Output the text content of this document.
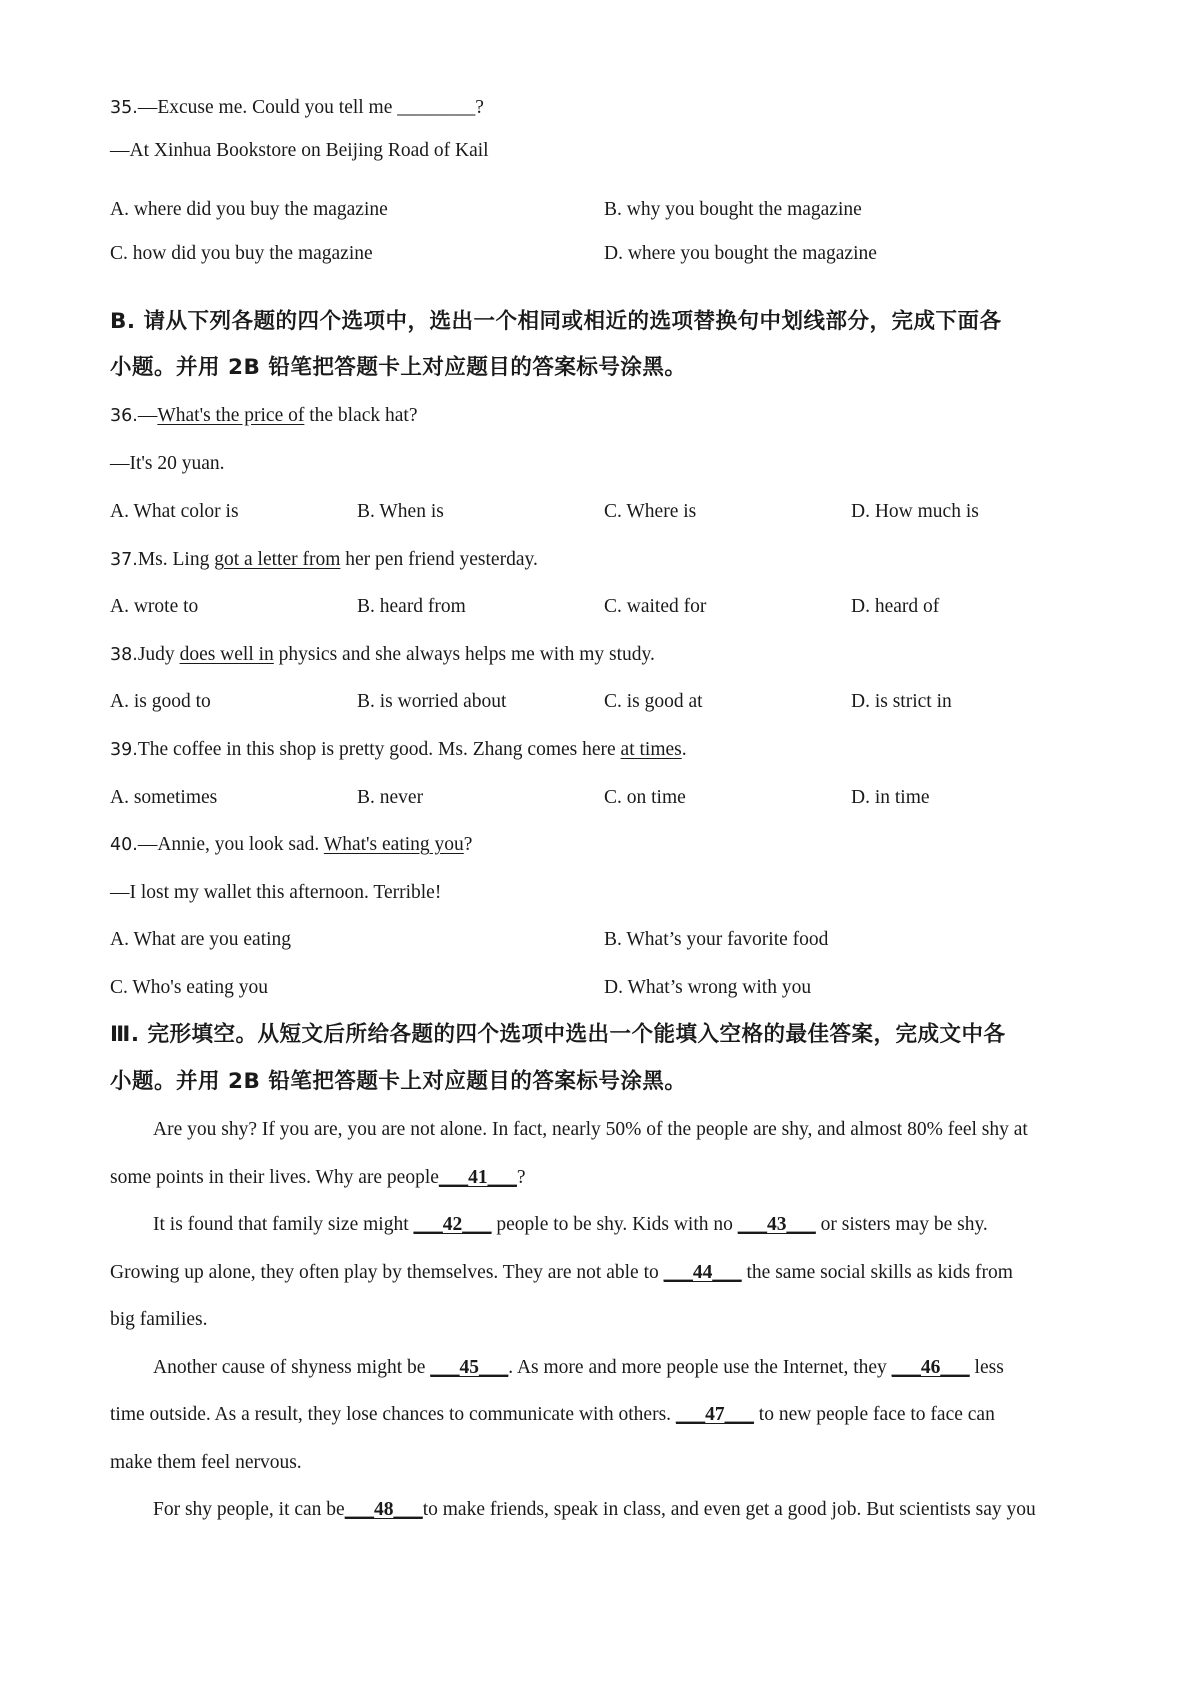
35.—Excuse me. Could you tell me ________?
—At Xinhua Bookstore on Beijing Road of Kail
A. where did you buy the magazine	B. why you bought the magazine
C. how did you buy the magazine	D. where you bought the magazine
B. 请从下列各题的四个选项中，选出一个相同或相近的选项替换句中划线部分，完成下面各
小题。并用 2B 铅笔把答题卡上对应题目的答案标号涂黑。
36.—What's the price of the black hat?
—It's 20 yuan.
A. What color is	B. When is	C. Where is	D. How much is
37.Ms. Ling got a letter from her pen friend yesterday.
A. wrote to	B. heard from	C. waited for	D. heard of
38.Judy does well in physics and she always helps me with my study.
A. is good to	B. is worried about	C. is good at	D. is strict in
39.The coffee in this shop is pretty good. Ms. Zhang comes here at times.
A. sometimes	B. never	C. on time	D. in time
40.—Annie, you look sad. What's eating you?
—I lost my wallet this afternoon. Terrible!
A. What are you eating	B. What’s your favorite food
C. Who's eating you	D. What’s wrong with you
Ⅲ. 完形填空。从短文后所给各题的四个选项中选出一个能填入空格的最佳答案，完成文中各
小题。并用 2B 铅笔把答题卡上对应题目的答案标号涂黑。
Are you shy? If you are, you are not alone. In fact, nearly 50% of the people are shy, and almost 80% feel shy at
some points in their lives. Why are people___41___?
It is found that family size might ___42___ people to be shy. Kids with no ___43___ or sisters may be shy.
Growing up alone, they often play by themselves. They are not able to ___44___ the same social skills as kids from
big families.
Another cause of shyness might be ___45___. As more and more people use the Internet, they ___46___ less
time outside. As a result, they lose chances to communicate with others. ___47___ to new people face to face can
make them feel nervous.
For shy people, it can be___48___to make friends, speak in class, and even get a good job. But scientists say you
